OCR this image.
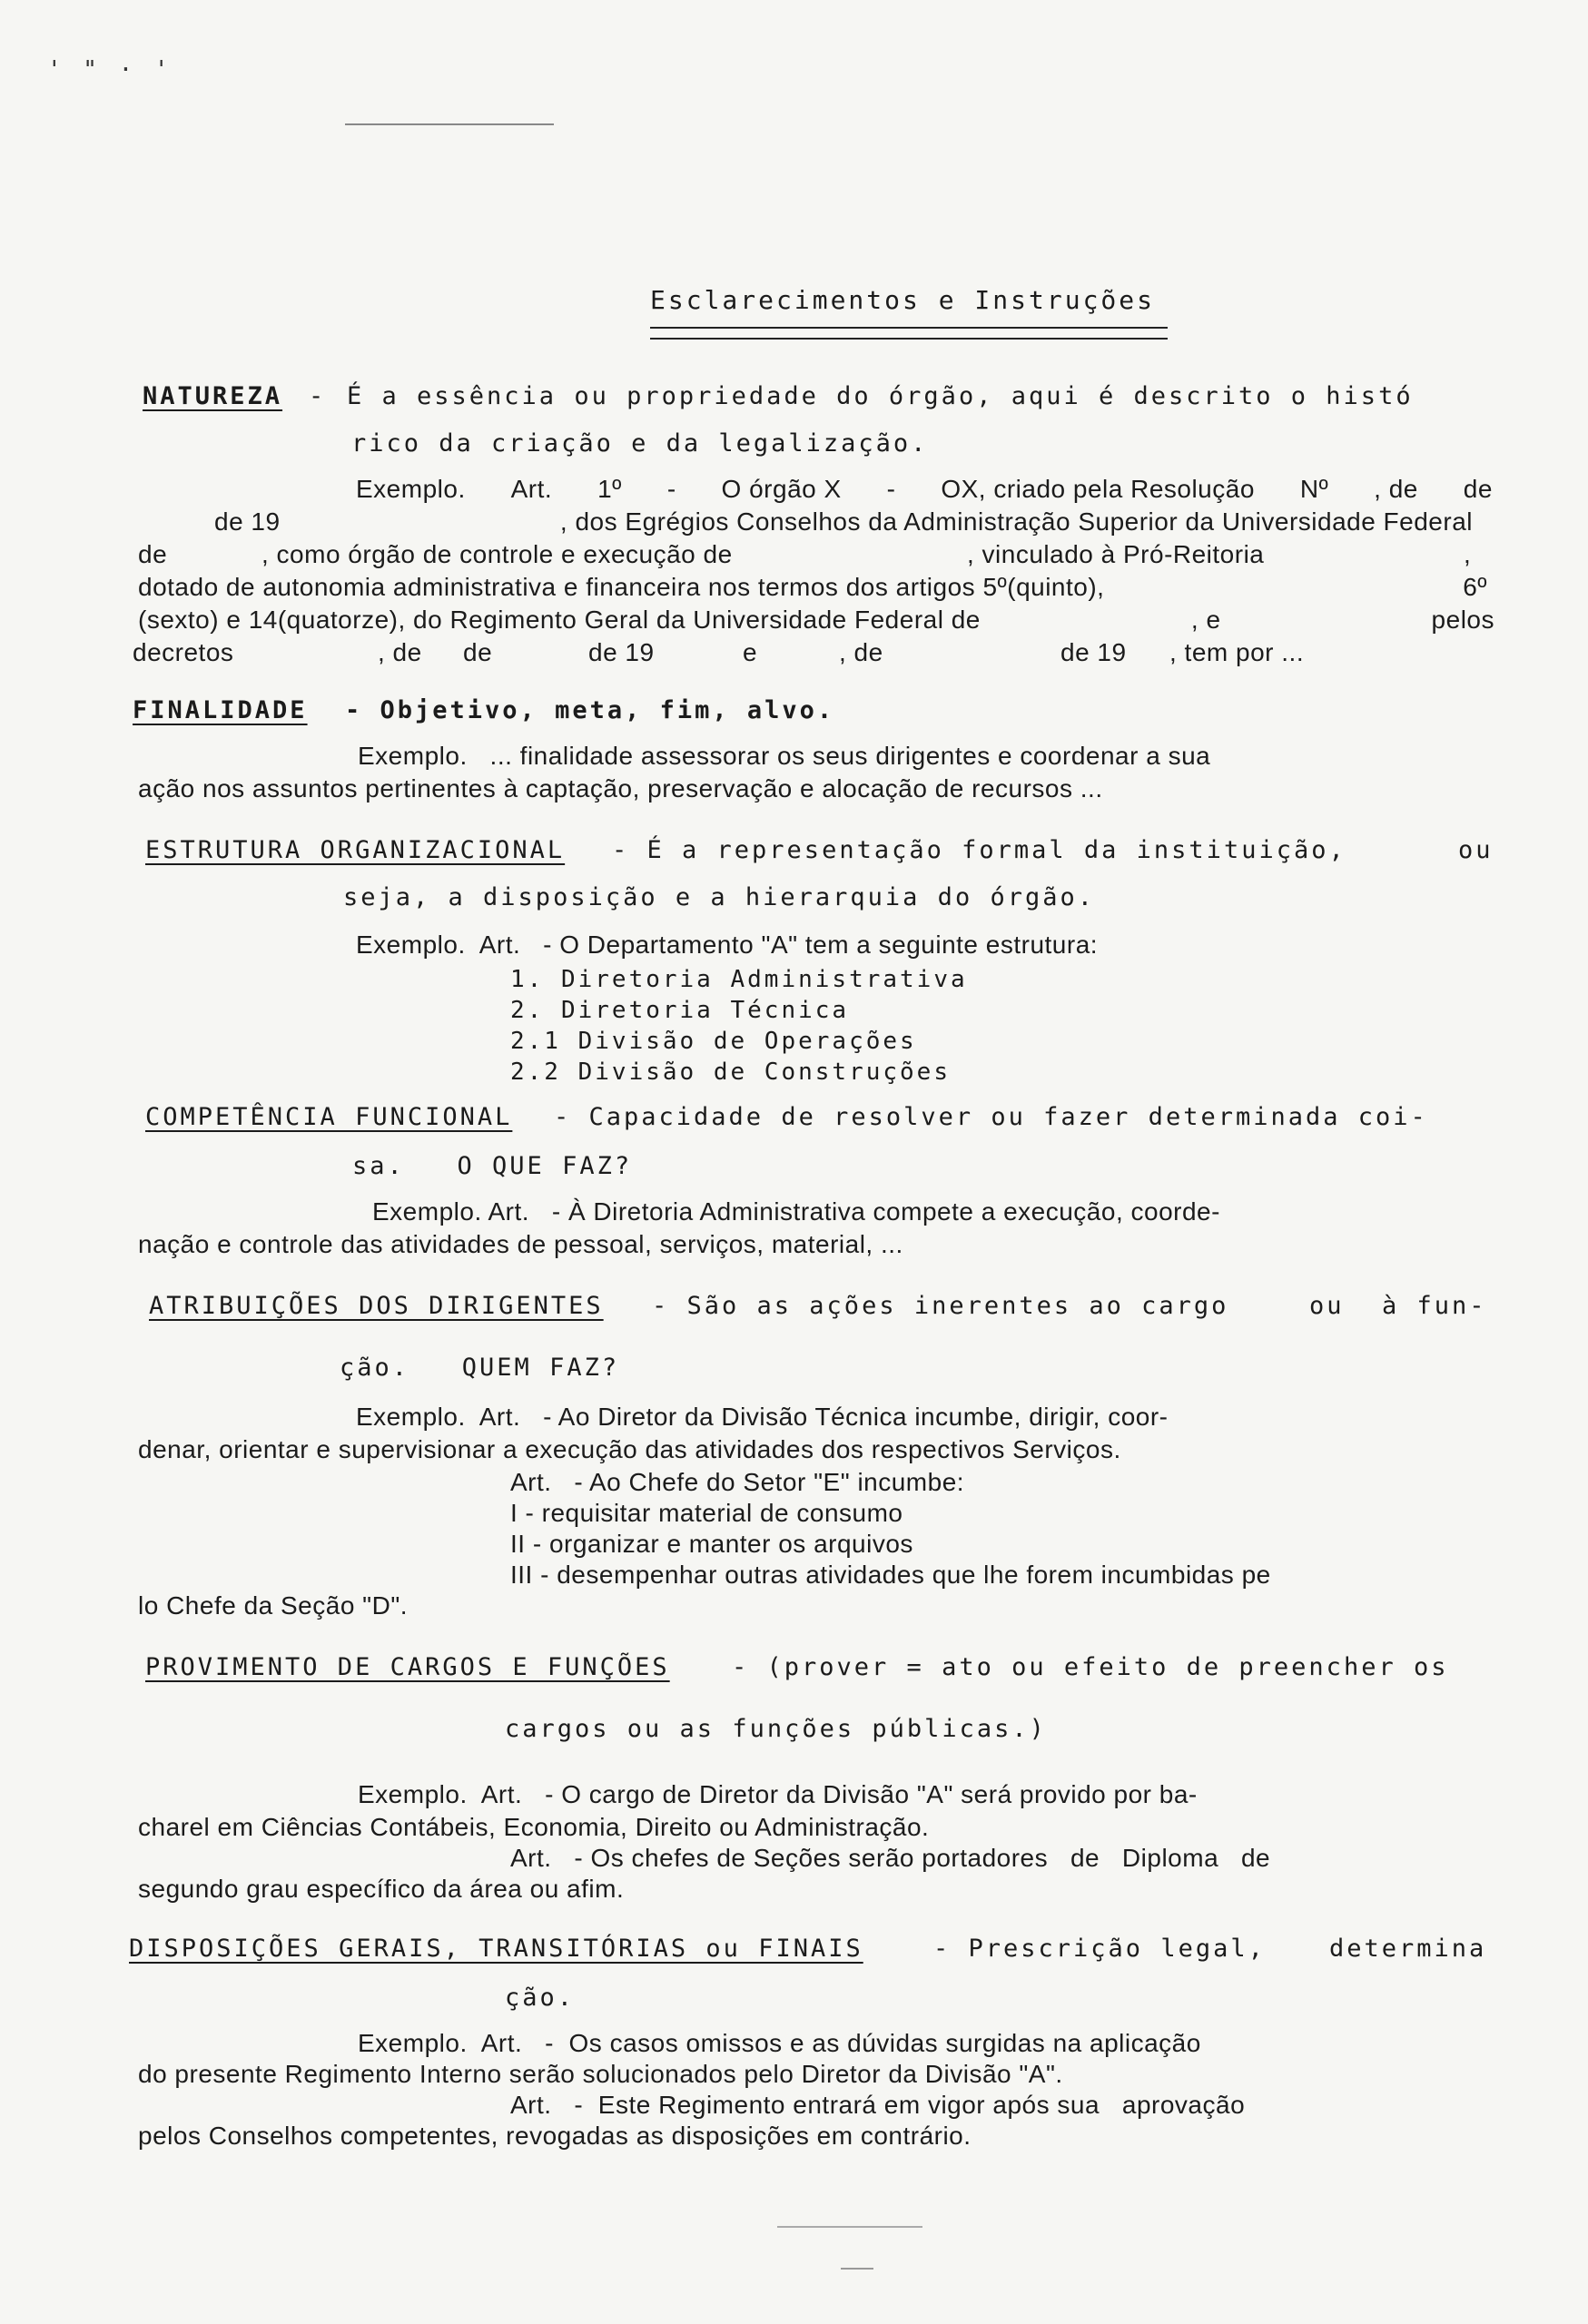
' " · '
Esclarecimentos e Instruções
NATUREZA - É a essência ou propriedade do órgão, aqui é descrito o histó
rico da criação e da legalização.
Exemplo. Art. 1º - O órgão X - OX, criado pela Resolução Nº , de de
de 19	, dos Egrégios Conselhos da Administração Superior da Universidade Federal
de	, como órgão de controle e execução de	, vinculado à Pró-Reitoria	,
dotado de autonomia administrativa e financeira nos termos dos artigos 5º(quinto),	6º
(sexto) e 14(quatorze), do Regimento Geral da Universidade Federal de	, e	pelos
decretos	, de de	de 19	e	, de	de 19 , tem por ...
FINALIDADE - Objetivo, meta, fim, alvo.
Exemplo.   ... finalidade assessorar os seus dirigentes e coordenar a sua
ação nos assuntos pertinentes à captação, preservação e alocação de recursos ...
ESTRUTURA ORGANIZACIONAL - É a representação formal da instituição,	ou
seja, a disposição e a hierarquia do órgão.
Exemplo.  Art.   - O Departamento "A" tem a seguinte estrutura:
1. Diretoria Administrativa
2. Diretoria Técnica
2.1 Divisão de Operações
2.2 Divisão de Construções
COMPETÊNCIA FUNCIONAL - Capacidade de resolver ou fazer determinada coi-
sa.   O QUE FAZ?
Exemplo. Art.   - À Diretoria Administrativa compete a execução, coorde-
nação e controle das atividades de pessoal, serviços, material, ...
ATRIBUIÇÕES DOS DIRIGENTES - São as ações inerentes ao cargo	ou à fun-
ção.   QUEM FAZ?
Exemplo.  Art.   - Ao Diretor da Divisão Técnica incumbe, dirigir, coor-
denar, orientar e supervisionar a execução das atividades dos respectivos Serviços.
Art.   - Ao Chefe do Setor "E" incumbe:
I - requisitar material de consumo
II - organizar e manter os arquivos
III - desempenhar outras atividades que lhe forem incumbidas pe
lo Chefe da Seção "D".
PROVIMENTO DE CARGOS E FUNÇÕES	- (prover = ato ou efeito de preencher os
cargos ou as funções públicas.)
Exemplo.  Art.   - O cargo de Diretor da Divisão "A" será provido por ba-
charel em Ciências Contábeis, Economia, Direito ou Administração.
Art.   - Os chefes de Seções serão portadores   de   Diploma   de
segundo grau específico da área ou afim.
DISPOSIÇÕES GERAIS, TRANSITÓRIAS ou FINAIS	- Prescrição legal,	determina
ção.
Exemplo.  Art.   -  Os casos omissos e as dúvidas surgidas na aplicação
do presente Regimento Interno serão solucionados pelo Diretor da Divisão "A".
Art.   -  Este Regimento entrará em vigor após sua   aprovação
pelos Conselhos competentes, revogadas as disposições em contrário.
